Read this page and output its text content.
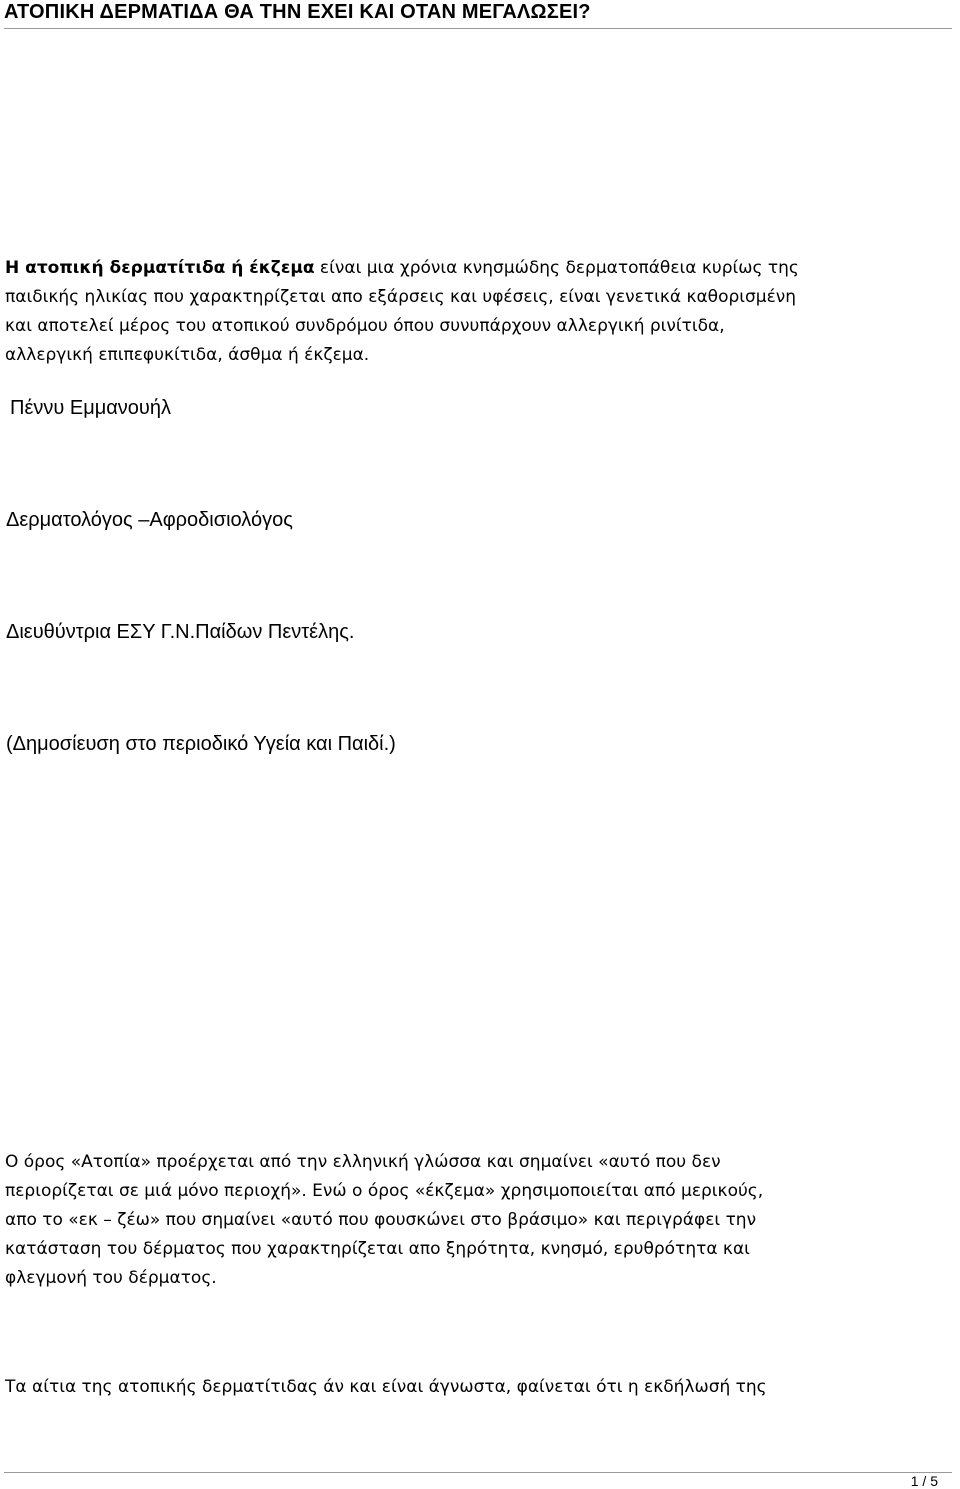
ΑΤΟΠΙΚΗ ΔΕΡΜΑΤΙΔΑ ΘΑ ΤΗΝ ΕΧΕΙ ΚΑΙ ΟΤΑΝ ΜΕΓΑΛΩΣΕΙ?
Πέννυ Εμμανουήλ
Δερματολόγος –Αφροδισιολόγος
Διευθύντρια ΕΣΥ Γ.Ν.Παίδων Πεντέλης.
(Δημοσίευση στο περιοδικό Υγεία και Παιδί.)
Η ατοπική δερματίτιδα ή έκζεμα είναι μια χρόνια κνησμώδης δερματοπάθεια κυρίως της
παιδικής ηλικίας που χαρακτηρίζεται απο εξάρσεις και υφέσεις, είναι γενετικά καθορισμένη
και αποτελεί μέρος του ατοπικού συνδρόμου όπου συνυπάρχουν αλλεργική ρινίτιδα,
αλλεργική επιπεφυκίτιδα, άσθμα ή έκζεμα.
Ο όρος «Ατοπία» προέρχεται από την ελληνική γλώσσα και σημαίνει «αυτό που δεν
περιορίζεται σε μιά μόνο περιοχή». Ενώ ο όρος «έκζεμα» χρησιμοποιείται από μερικούς,
απο το «εκ – ζέω» που σημαίνει «αυτό που φουσκώνει στο βράσιμο» και περιγράφει την
κατάσταση του δέρματος που χαρακτηρίζεται απο ξηρότητα, κνησμό, ερυθρότητα και
φλεγμονή του δέρματος.
Τα αίτια της ατοπικής δερματίτιδας άν και είναι άγνωστα, φαίνεται ότι η εκδήλωσή της
1 / 5
